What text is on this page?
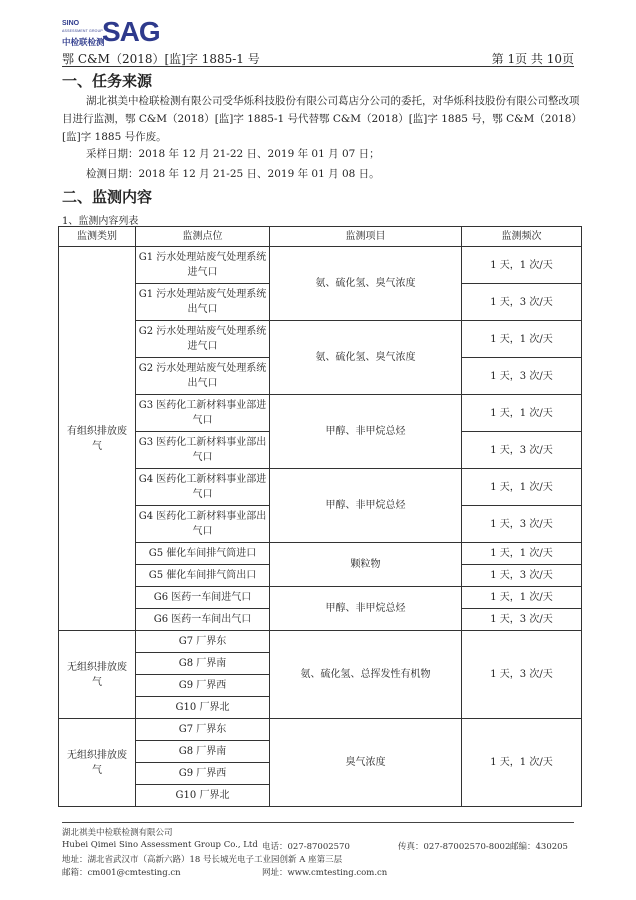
SINO
ASSESSMENT GROUP
中检联检测
SAG
鄂 C&M（2018）[监]字 1885-1 号	第 1页 共 10页
一、任务来源
湖北祺美中检联检测有限公司受华烁科技股份有限公司葛店分公司的委托，对华烁科技股份有限公司整改项目进行监测，鄂 C&M（2018）[监]字 1885-1 号代替鄂 C&M（2018）[监]字 1885 号，鄂 C&M（2018）[监]字 1885 号作废。
采样日期：2018 年 12 月 21-22 日、2019 年 01 月 07 日；
检测日期：2018 年 12 月 21-25 日、2019 年 01 月 08 日。
二、监测内容
1、监测内容列表
监测类别	监测点位	监测项目	监测频次
有组织排放废气	G1 污水处理站废气处理系统进气口	氨、硫化氢、臭气浓度	1 天，1 次/天
	G1 污水处理站废气处理系统出气口		1 天，3 次/天
	G2 污水处理站废气处理系统进气口	氨、硫化氢、臭气浓度	1 天，1 次/天
	G2 污水处理站废气处理系统出气口		1 天，3 次/天
	G3 医药化工新材料事业部进气口	甲醇、非甲烷总烃	1 天，1 次/天
	G3 医药化工新材料事业部出气口		1 天，3 次/天
	G4 医药化工新材料事业部进气口	甲醇、非甲烷总烃	1 天，1 次/天
	G4 医药化工新材料事业部出气口		1 天，3 次/天
	G5 催化车间排气筒进口	颗粒物	1 天，1 次/天
	G5 催化车间排气筒出口		1 天，3 次/天
	G6 医药一车间进气口	甲醇、非甲烷总烃	1 天，1 次/天
	G6 医药一车间出气口		1 天，3 次/天
无组织排放废气	G7 厂界东	氨、硫化氢、总挥发性有机物	1 天，3 次/天
	G8 厂界南		
	G9 厂界西		
	G10 厂界北		
无组织排放废气	G7 厂界东	臭气浓度	1 天，1 次/天
	G8 厂界南		
	G9 厂界西		
	G10 厂界北		
湖北祺美中检联检测有限公司
Hubei Qimei Sino Assessment Group Co., Ltd 电话：027-87002570	传真：027-87002570-8002 邮编：430205
地址：湖北省武汉市（高新六路）18 号长城光电子工业园创新 A 座第三层
邮箱：cm001@cmtesting.cn	网址：www.cmtesting.com.cn
